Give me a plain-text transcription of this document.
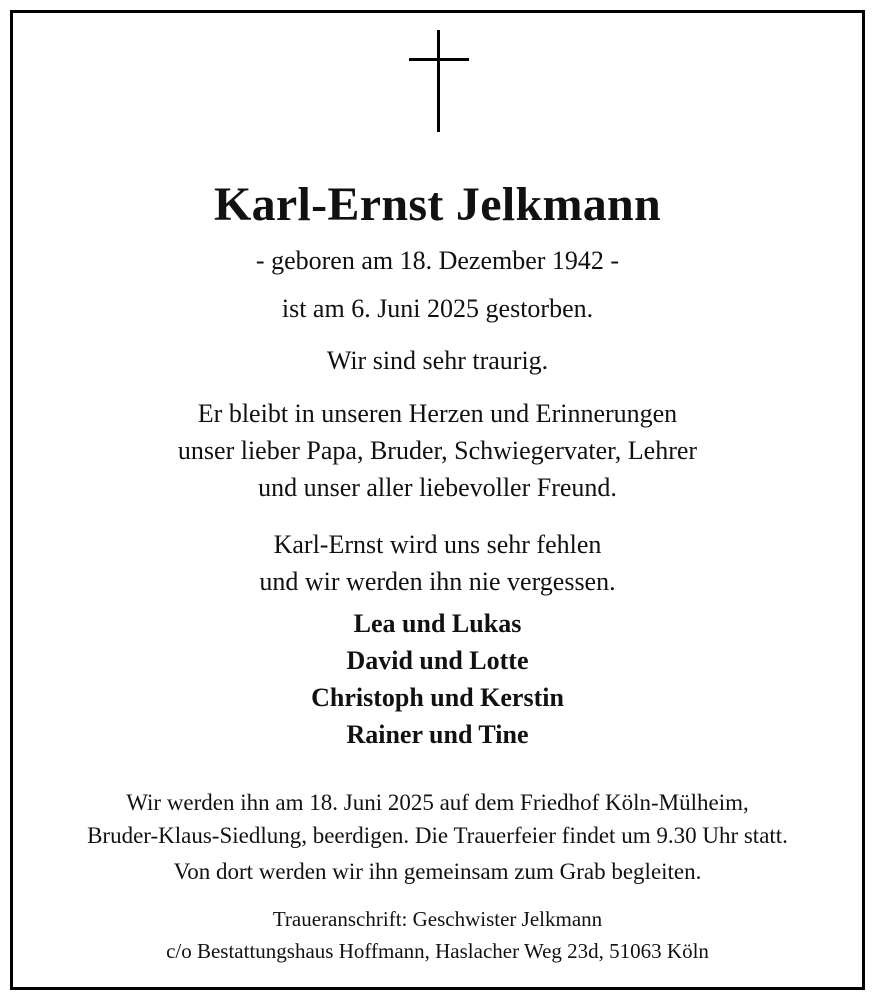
Karl-Ernst Jelkmann
- geboren am 18. Dezember 1942 -
ist am 6. Juni 2025 gestorben.
Wir sind sehr traurig.
Er bleibt in unseren Herzen und Erinnerungen
unser lieber Papa, Bruder, Schwiegervater, Lehrer
und unser aller liebevoller Freund.
Karl-Ernst wird uns sehr fehlen
und wir werden ihn nie vergessen.
Lea und Lukas
David und Lotte
Christoph und Kerstin
Rainer und Tine
Wir werden ihn am 18. Juni 2025 auf dem Friedhof Köln-Mülheim,
Bruder-Klaus-Siedlung, beerdigen. Die Trauerfeier findet um 9.30 Uhr statt.
Von dort werden wir ihn gemeinsam zum Grab begleiten.
Traueranschrift: Geschwister Jelkmann
c/o Bestattungshaus Hoffmann, Haslacher Weg 23d, 51063 Köln
